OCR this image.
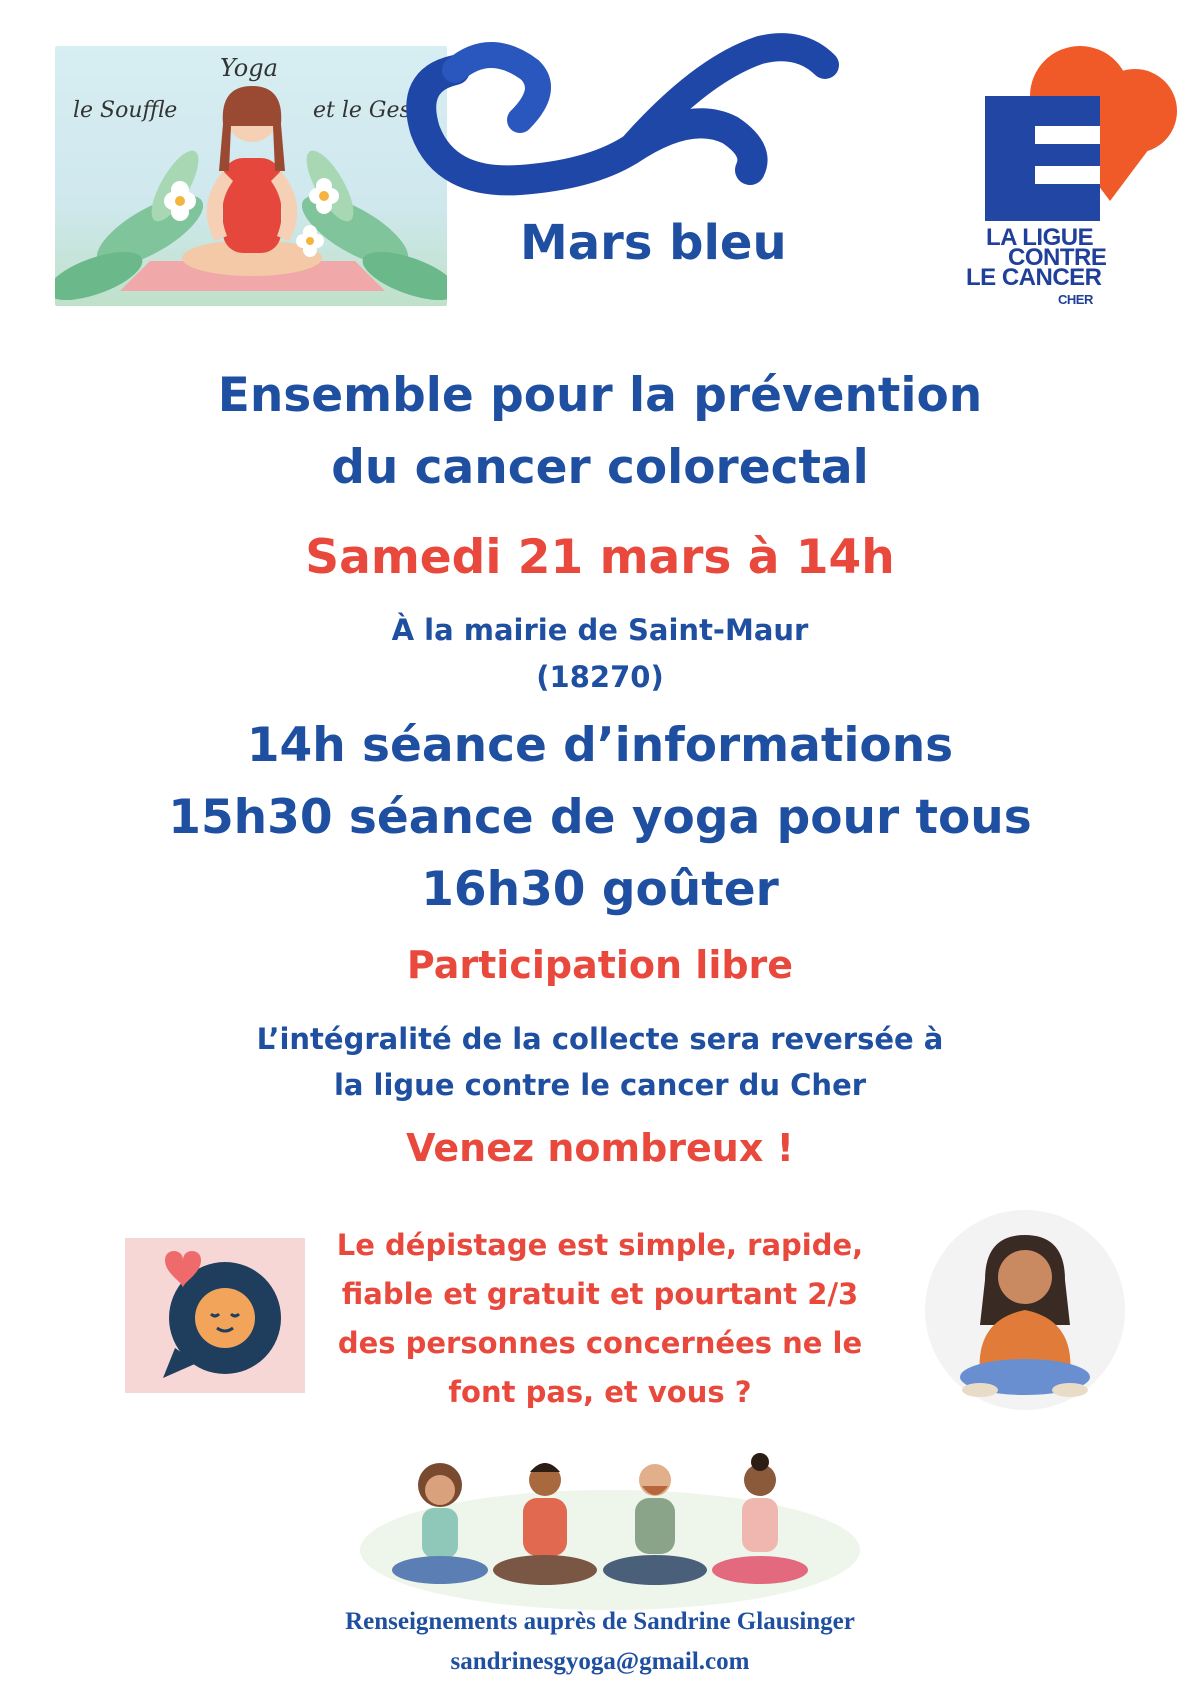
Yoga
le Souffle	et le Geste
Mars bleu	LA LIGUE
CONTRE
LE CANCER
CHER
Ensemble pour la prévention
du cancer colorectal
Samedi 21 mars à 14h
À la mairie de Saint-Maur
(18270)
14h séance d’informations
15h30 séance de yoga pour tous
16h30 goûter
Participation libre
L’intégralité de la collecte sera reversée à
la ligue contre le cancer du Cher
Venez nombreux !
Le dépistage est simple, rapide,
fiable et gratuit et pourtant 2/3
des personnes concernées ne le
font pas, et vous ?
Renseignements auprès de Sandrine Glausinger
sandrinesgyoga@gmail.com
